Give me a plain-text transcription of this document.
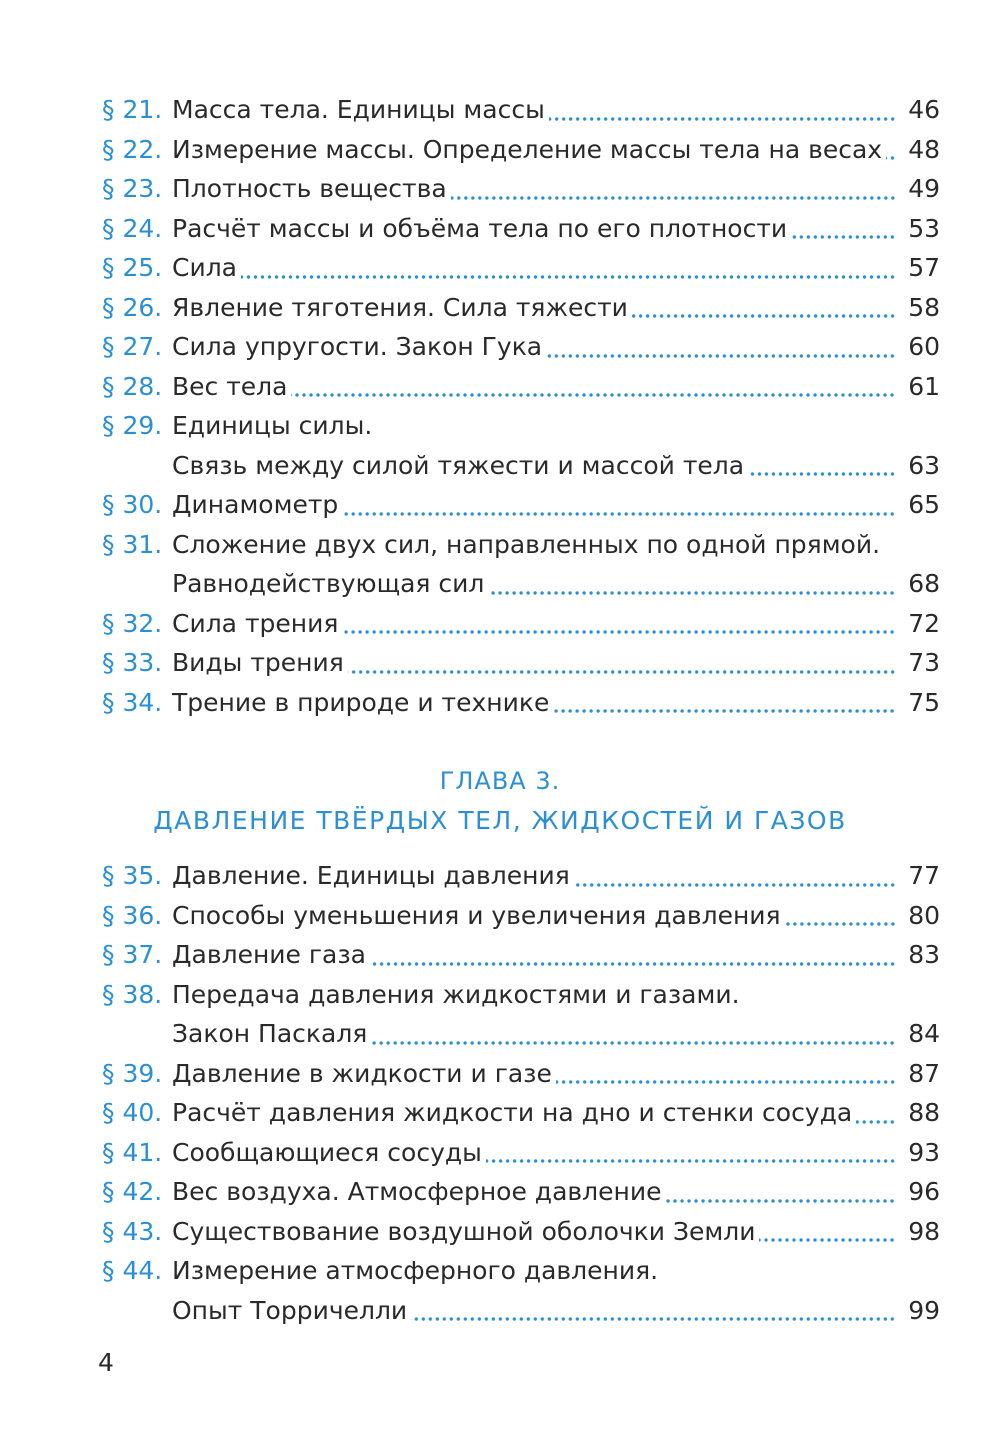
§ 21. Масса тела. Единицы массы	46
§ 22. Измерение массы. Определение массы тела на весах 48
§ 23. Плотность вещества	49
§ 24. Расчёт массы и объёма тела по его плотности	53
§ 25. Сила	57
§ 26. Явление тяготения. Сила тяжести	58
§ 27. Сила упругости. Закон Гука	60
§ 28. Вес тела	61
§ 29. Единицы силы.
Связь между силой тяжести и массой тела	63
§ 30. Динамометр	65
§ 31. Сложение двух сил, направленных по одной прямой.
Равнодействующая сил	68
§ 32. Сила трения	72
§ 33. Виды трения	73
§ 34. Трение в природе и технике	75
ГЛАВА 3.
ДАВЛЕНИЕ ТВЁРДЫХ ТЕЛ, ЖИДКОСТЕЙ И ГАЗОВ
§ 35. Давление. Единицы давления	77
§ 36. Способы уменьшения и увеличения давления	80
§ 37. Давление газа	83
§ 38. Передача давления жидкостями и газами.
Закон Паскаля	84
§ 39. Давление в жидкости и газе	87
§ 40. Расчёт давления жидкости на дно и стенки сосуда 88
§ 41. Сообщающиеся сосуды	93
§ 42. Вес воздуха. Атмосферное давление	96
§ 43. Существование воздушной оболочки Земли	98
§ 44. Измерение атмосферного давления.
Опыт Торричелли	99
4
